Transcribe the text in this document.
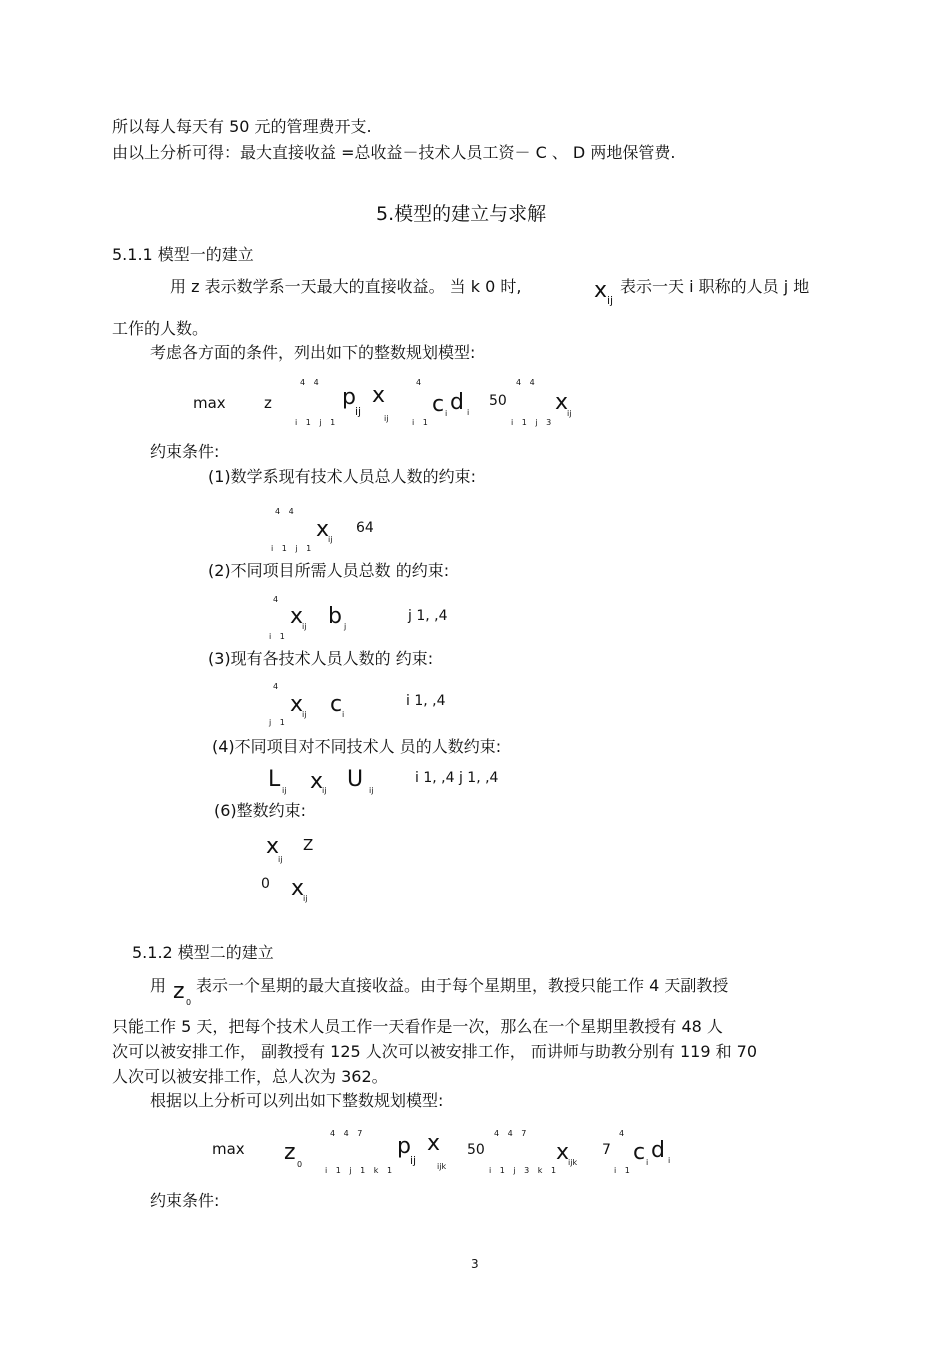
所以每人每天有 50 元的管理费开支.
由以上分析可得：最大直接收益 =总收益－技术人员工资－ C 、 D 两地保管费.
5.模型的建立与求解
5.1.1 模型一的建立
用 z 表示数学系一天最大的直接收益。 当 k 0 时,	x ij
表示一天 i 职称的人员 j 地
工作的人数。
考虑各方面的条件，列出如下的整数规划模型:
max	z
4 4
i 1 j 1
p
ij
x
ij
4
i 1
c i d i
50
4 4
i 1 j 3
x
ij
约束条件:
(1)数学系现有技术人员总人数的约束:
4 4
i 1 j 1
x
ij
64
(2)不同项目所需人员总数 的约束:
4
i 1
x
ij b j
j 1, ,4
(3)现有各技术人员人数的 约束:
4
j 1
x
ij c i
i 1, ,4
(4)不同项目对不同技术人 员的人数约束:
L ij x
ij U ij
i 1, ,4 j 1, ,4
(6)整数约束:
x
ij
Z
0 x
ij
5.1.2 模型二的建立
用 z 0
表示一个星期的最大直接收益。由于每个星期里，教授只能工作 4 天副教授
只能工作 5 天，把每个技术人员工作一天看作是一次，那么在一个星期里教授有 48 人
次可以被安排工作， 副教授有 125 人次可以被安排工作， 而讲师与助教分别有 119 和 70
人次可以被安排工作，总人次为 362。
根据以上分析可以列出如下整数规划模型:
max z 0
4 4 7
i 1 j 1 k 1
p
ij
x
ijk
50
4 4 7
i 1 j 3 k 1
x
ijk
7
4
i 1
c i d i
约束条件:
3
